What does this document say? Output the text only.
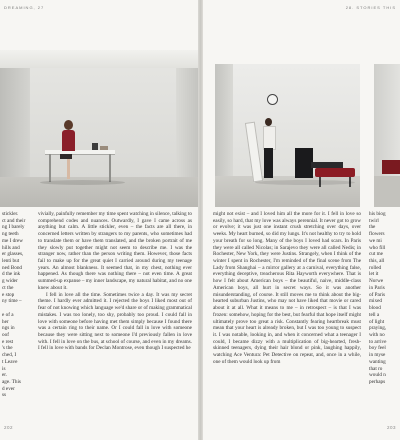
DREAMING, 27
stickler.
ct and their
ng I barely
ng teeth
me I drew
hills and
er glasses,
lenti but
ned Bond
d the ink
g wider
ct the
e stop
ny time –
e of a
her
ngs in
oof
e rest
's the
ched, I
t Leave
is
er.
age. This
d ever
ss

vivially, painfully remember my time spent watching in silence, talking to comprehend codes and nuances. Outwardly, I gave I came across as anything but calm. A little stickler, even – the facts are all there, in concerned letters written by strangers to my parents, who sometimes had to translate them or have them translated, and the broken portrait of me they slowly put together might not seem to describe me. I was the stranger now, rather than the person writing them. However, those facts fail to make up for the great quiet I carried around during my teenage years. An almost blankness. It seemed that, in my chest, nothing ever happened. As though there was nothing there – not even time. A great summed-up expanse – my inner landscape, my natural habitat, and no one knew about it.

I fell in love all the time. Sometimes twice a day. It was my secret theme. I hardly ever admitted it. I rejected the boys I liked most out of fear of not knowing which language we'd share or of making grammatical mistakes. I was too lonely, too shy, probably too proud. I could fall in love with someone before having met them simply because I found there was a certain ring to their name. Or I could fall in love with someone because they were sitting next to someone I'd previously fallen in love with. I fell in love on the bus, at school of course, and even in my dreams. I fell in love with bands for Declan Montrose, even though I suspected he

202
28. STORIES THIS

might not exist – and I loved him all the more for it. I fell in love so easily, so hard, that my love was always perennial. It never got to grow or evolve; it was just one instant crush stretching over days, over weeks. My heart burned, so did my lungs. It's not healthy to try to hold your breath for so long. Many of the boys I loved had scars. In Paris they were all called Nicolas; in Sarajevo they were all called Nedis; in Rochester, New York, they were Justins. Strangely, when I think of the winter I spent in Rochester, I'm reminded of the final scene from The Lady from Shanghai – a mirror gallery at a carnival, everything false, everything deceptive, treacherous Rita Hayworth everywhere. That is how I felt about American boys – the beautiful, naive, middle-class American boys, all hurt in secret ways. So it was another misunderstanding, of course. It still moves me to think about the big-hearted suburban Justins, who may not have liked that movie or cared about it at all. What it means to me – in retrospect – is that I was frozen: somehow, hoping for the best, but fearful that hope itself might ultimately prove too great a risk. Constantly fearing heartbreak must mean that your heart is already broken, but I was too young to suspect it. I was notable, looking in, and when it concerned what a teenager I could, I became dizzy with a multiplication of big-hearted, fresh-skinned teenagers, dying their hair blond or pink, laughing happily, watching Ace Ventura: Pet Detective on repeat, and, once in a while, one of them would look up from

his biog
twirl
the
flowers
we mi
who fill
cut me
this, all
rolled
let it
Norwe
in Paris
of Paris
mixed
blood
tell a
of light
praying,
with no
to arrive
boy feel
in myse
wanting
that ro
would n
perhaps
203
